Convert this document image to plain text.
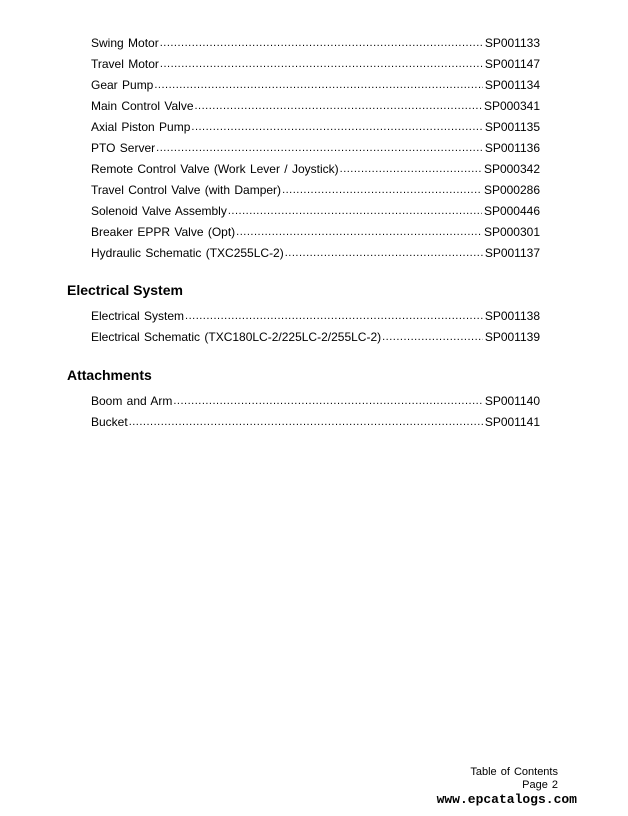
Swing Motor .....	SP001133
Travel Motor .....	SP001147
Gear Pump .....	SP001134
Main Control Valve .....	SP000341
Axial Piston Pump .....	SP001135
PTO Server .....	SP001136
Remote Control Valve (Work Lever / Joystick) .....	SP000342
Travel Control Valve (with Damper) .....	SP000286
Solenoid Valve Assembly .....	SP000446
Breaker EPPR Valve (Opt) .....	SP000301
Hydraulic Schematic (TXC255LC-2) .....	SP001137
Electrical System
Electrical System .....	SP001138
Electrical Schematic (TXC180LC-2/225LC-2/255LC-2) .....	SP001139
Attachments
Boom and Arm .....	SP001140
Bucket .....	SP001141
Table of Contents
Page 2
www.epcatalogs.com
